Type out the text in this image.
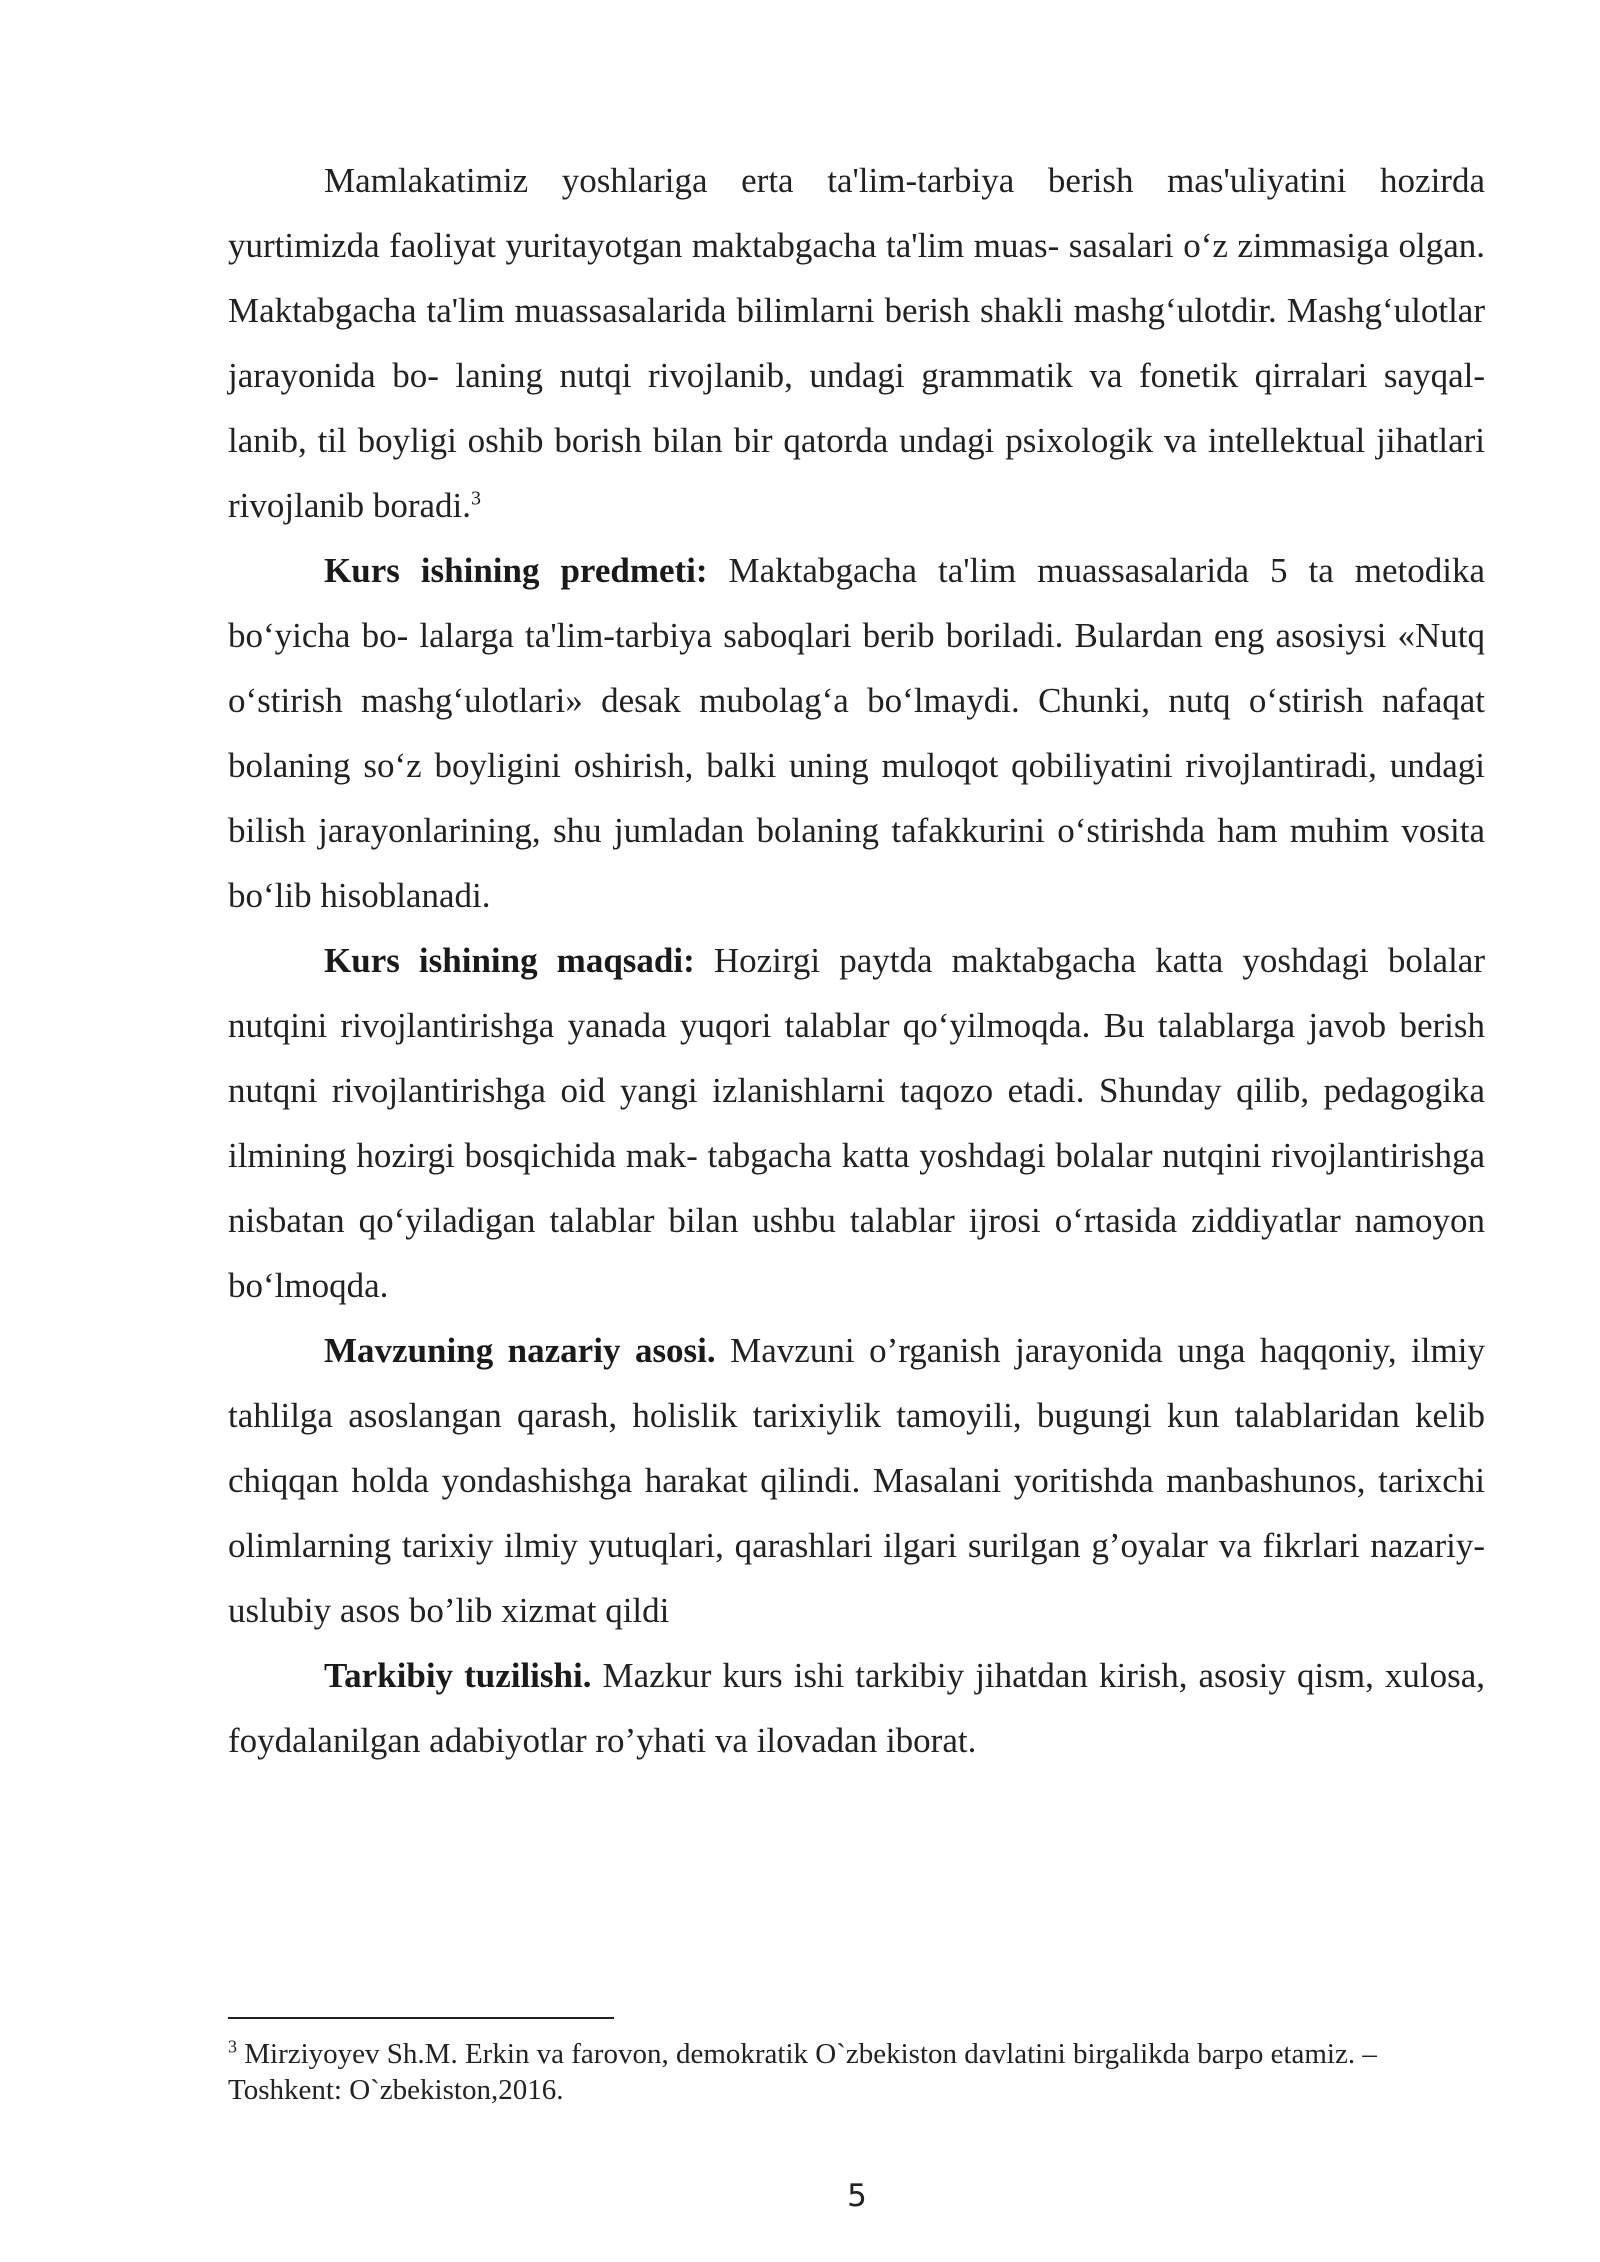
Mamlakatimiz yoshlariga erta ta'lim-tarbiya berish mas'uliyatini hozirda yurtimizda faoliyat yuritayotgan maktabgacha ta'lim muas- sasalari o‘z zimmasiga olgan. Maktabgacha ta'lim muassasalarida bilimlarni berish shakli mashg‘ulotdir. Mashg‘ulotlar jarayonida bo- laning nutqi rivojlanib, undagi grammatik va fonetik qirralari sayqal- lanib, til boyligi oshib borish bilan bir qatorda undagi psixologik va intellektual jihatlari rivojlanib boradi.$^3$

Kurs ishining predmeti: Maktabgacha ta'lim muassasalarida 5 ta metodika bo‘yicha bo- lalarga ta'lim-tarbiya saboqlari berib boriladi. Bulardan eng asosiysi «Nutq o‘stirish mashg‘ulotlari» desak mubolag‘a bo‘lmaydi. Chunki, nutq o‘stirish nafaqat bolaning so‘z boyligini oshirish, balki uning muloqot qobiliyatini rivojlantiradi, undagi bilish jarayonlarining, shu jumladan bolaning tafakkurini o‘stirishda ham muhim vosita bo‘lib hisoblanadi.

Kurs ishining maqsadi: Hozirgi paytda maktabgacha katta yoshdagi bolalar nutqini rivojlantirishga yanada yuqori talablar qo‘yilmoqda. Bu talablarga javob berish nutqni rivojlantirishga oid yangi izlanishlarni taqozo etadi. Shunday qilib, pedagogika ilmining hozirgi bosqichida mak- tabgacha katta yoshdagi bolalar nutqini rivojlantirishga nisbatan qo‘yiladigan talablar bilan ushbu talablar ijrosi o‘rtasida ziddiyatlar namoyon bo‘lmoqda.

Mavzuning nazariy asosi. Mavzuni o’rganish jarayonida unga haqqoniy, ilmiy tahlilga asoslangan qarash, holislik tarixiylik tamoyili, bugungi kun talablaridan kelib chiqqan holda yondashishga harakat qilindi. Masalani yoritishda manbashunos, tarixchi olimlarning tarixiy ilmiy yutuqlari, qarashlari ilgari surilgan g’oyalar va fikrlari nazariy-uslubiy asos bo’lib xizmat qildi

Tarkibiy tuzilishi. Mazkur kurs ishi tarkibiy jihatdan kirish, asosiy qism, xulosa, foydalanilgan adabiyotlar ro’yhati va ilovadan iborat.

$^3$ Mirziyoyev Sh.M. Erkin va farovon, demokratik O`zbekiston davlatini birgalikda barpo etamiz. –Toshkent: O`zbekiston,2016.
5
